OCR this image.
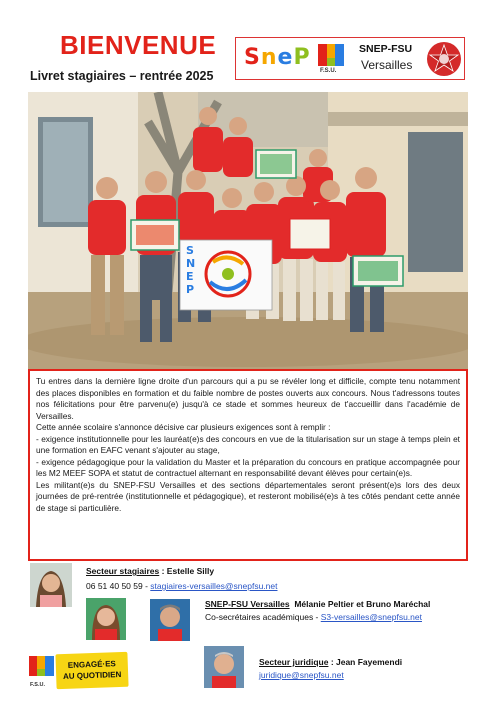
BIENVENUE
Livret stagiaires – rentrée 2025
SneP
F.S.U.
SNEP-FSU
Versailles
S
N
E
P

Tu entres dans la dernière ligne droite d'un parcours qui a pu se révéler long et difficile, compte tenu notamment des places disponibles en formation et du faible nombre de postes ouverts aux concours. Nous t'adressons toutes nos félicitations pour être parvenu(e) jusqu'à ce stade et sommes heureux de t'accueillir dans l'académie de Versailles.

Cette année scolaire s'annonce décisive car plusieurs exigences sont à remplir :

- exigence institutionnelle pour les lauréat(e)s des concours en vue de la titularisation sur un stage à temps plein et une formation en EAFC venant s'ajouter au stage,

- exigence pédagogique pour la validation du Master et la préparation du concours en pratique accompagnée pour les M2 MEEF SOPA et statut de contractuel alternant en responsabilité devant élèves pour certain(e)s.

Les militant(e)s du SNEP-FSU Versailles et des sections départementales seront présent(e)s lors des deux journées de pré-rentrée (institutionnelle et pédagogique), et resteront mobilisé(e)s à tes côtés pendant cette année de stage si particulière.

Secteur stagiaires : Estelle Silly
06 51 40 50 59 - stagiaires-versailles@snepfsu.net
SNEP-FSU Versailles Mélanie Peltier et Bruno Maréchal
Co-secrétaires académiques - S3-versailles@snepfsu.net
Secteur juridique : Jean Fayemendi
juridique@snepfsu.net
F.S.U.
ENGAGÉ·ES
AU QUOTIDIEN
